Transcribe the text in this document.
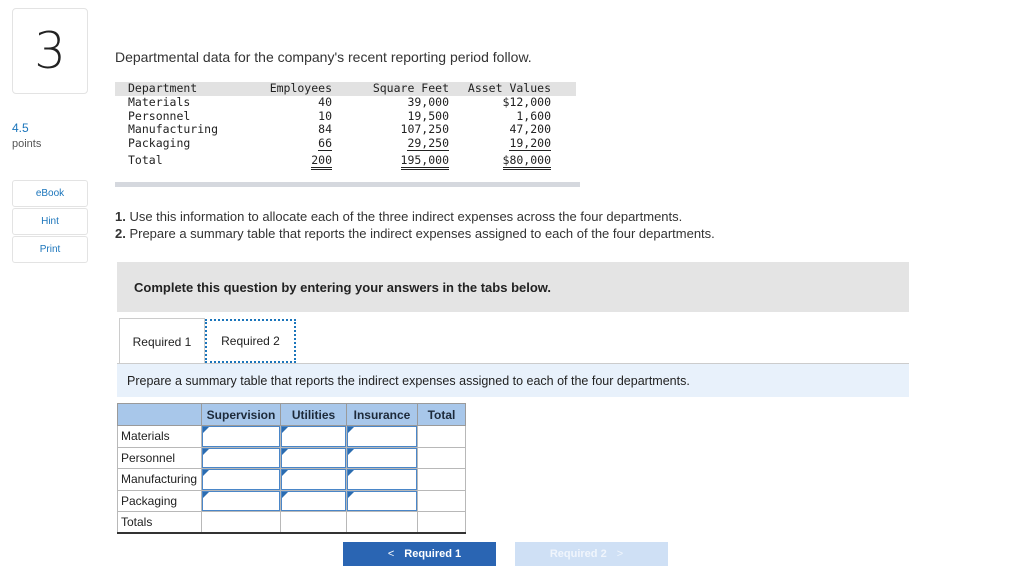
3
4.5
points
eBook
Hint
Print
Departmental data for the company's recent reporting period follow.
Department	Employees	Square Feet	Asset Values
Materials	40	39,000	$12,000
Personnel	10	19,500	1,600
Manufacturing	84	107,250	47,200
Packaging	66	29,250	19,200
Total	200	195,000	$80,000
1. Use this information to allocate each of the three indirect expenses across the four departments.
2. Prepare a summary table that reports the indirect expenses assigned to each of the four departments.
Complete this question by entering your answers in the tabs below.
Required 1	Required 2
Prepare a summary table that reports the indirect expenses assigned to each of the four departments.
	Supervision	Utilities	Insurance	Total
Materials	

Personnel	

Manufacturing	

Packaging	

Totals				
< Required 1	Required 2 >
